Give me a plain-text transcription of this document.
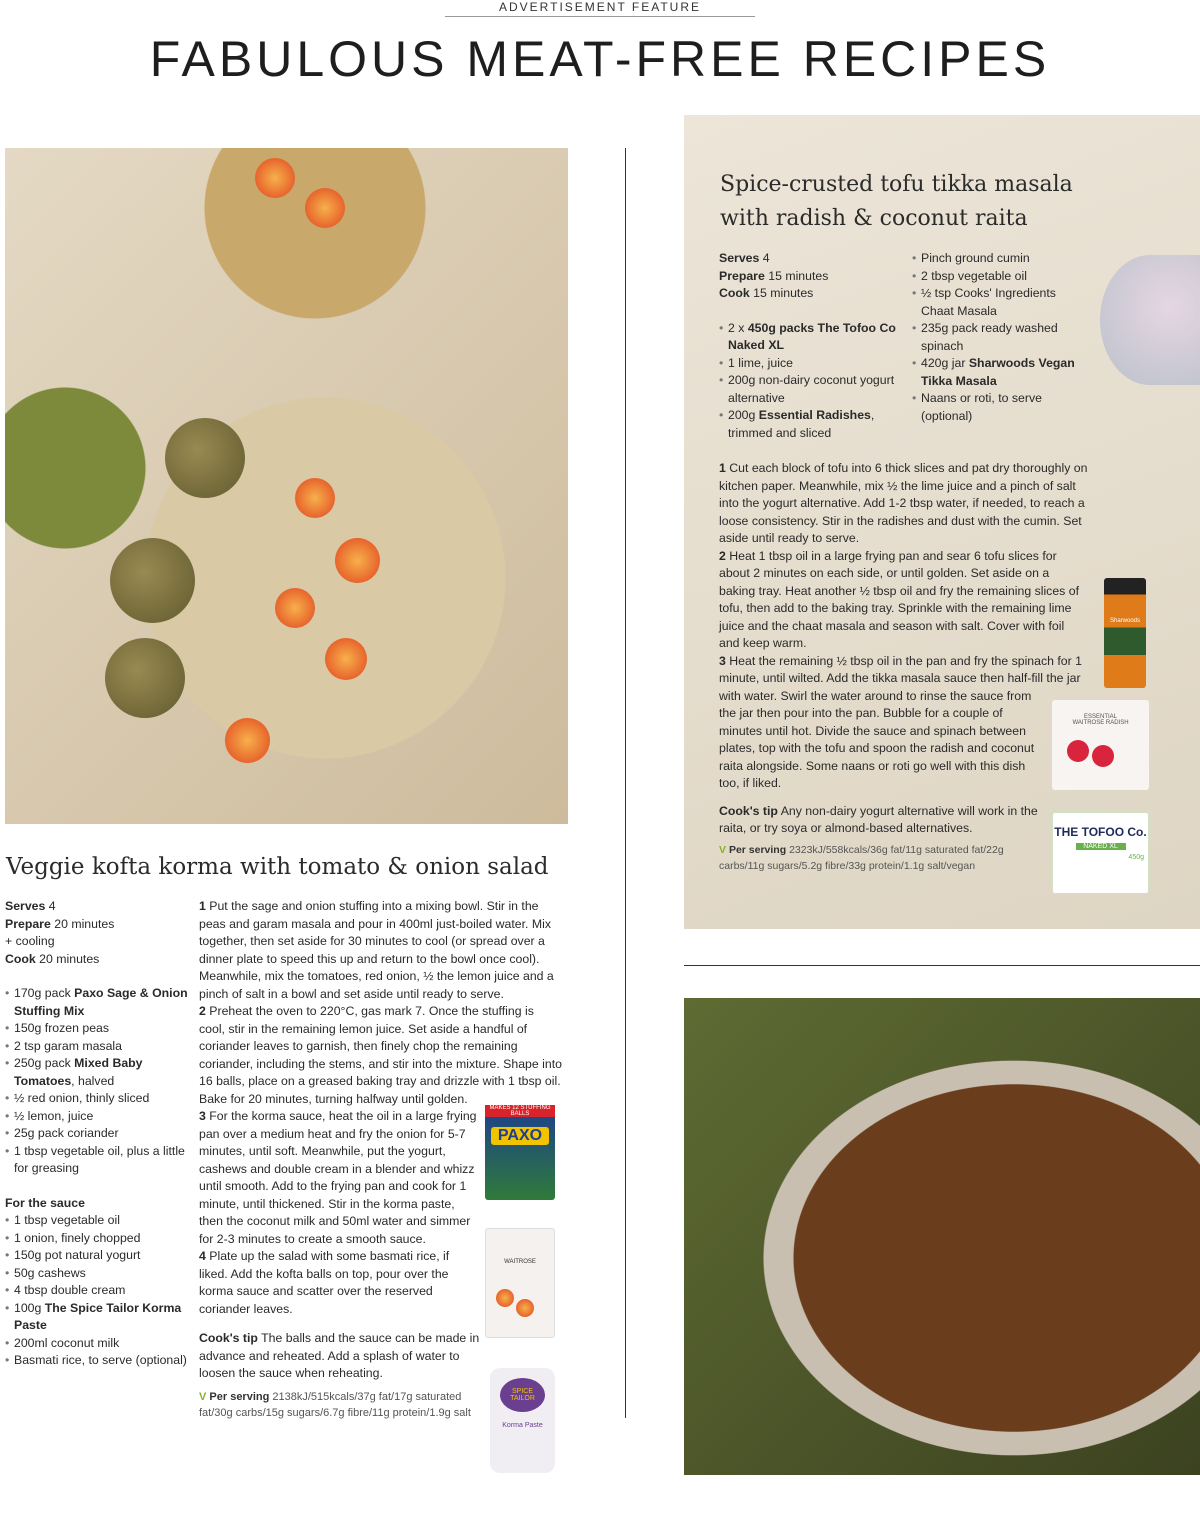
ADVERTISEMENT FEATURE
FABULOUS MEAT-FREE RECIPES
Veggie kofta korma with tomato & onion salad
Serves 4
Prepare 20 minutes
+ cooling
Cook 20 minutes
• 170g pack Paxo Sage & Onion Stuffing Mix
• 150g frozen peas
• 2 tsp garam masala
• 250g pack Mixed Baby Tomatoes, halved
• ½ red onion, thinly sliced
• ½ lemon, juice
• 25g pack coriander
• 1 tbsp vegetable oil, plus a little for greasing
For the sauce
• 1 tbsp vegetable oil
• 1 onion, finely chopped
• 150g pot natural yogurt
• 50g cashews
• 4 tbsp double cream
• 100g The Spice Tailor Korma Paste
• 200ml coconut milk
• Basmati rice, to serve (optional)
1 Put the sage and onion stuffing into a mixing bowl. Stir in the peas and garam masala and pour in 400ml just-boiled water. Mix together, then set aside for 30 minutes to cool (or spread over a dinner plate to speed this up and return to the bowl once cool). Meanwhile, mix the tomatoes, red onion, ½ the lemon juice and a pinch of salt in a bowl and set aside until ready to serve.
2 Preheat the oven to 220°C, gas mark 7. Once the stuffing is cool, stir in the remaining lemon juice. Set aside a handful of coriander leaves to garnish, then finely chop the remaining coriander, including the stems, and stir into the mixture. Shape into 16 balls, place on a greased baking tray and drizzle with 1 tbsp oil. Bake for 20 minutes, turning halfway until golden.
3 For the korma sauce, heat the oil in a large frying pan over a medium heat and fry the onion for 5-7 minutes, until soft. Meanwhile, put the yogurt, cashews and double cream in a blender and whizz until smooth. Add to the frying pan and cook for 1 minute, until thickened. Stir in the korma paste, then the coconut milk and 50ml water and simmer for 2-3 minutes to create a smooth sauce.
4 Plate up the salad with some basmati rice, if liked. Add the kofta balls on top, pour over the korma sauce and scatter over the reserved coriander leaves.
Cook's tip The balls and the sauce can be made in advance and reheated. Add a splash of water to loosen the sauce when reheating.
V Per serving 2138kJ/515kcals/37g fat/17g saturated fat/30g carbs/15g sugars/6.7g fibre/11g protein/1.9g salt
MAKES 12 STUFFING BALLS
PAXO
WAITROSE
SPICE TAILOR
Korma Paste
Spice-crusted tofu tikka masala
with radish & coconut raita
Serves 4
Prepare 15 minutes
Cook 15 minutes
• 2 x 450g packs The Tofoo Co Naked XL
• 1 lime, juice
• 200g non-dairy coconut yogurt alternative
• 200g Essential Radishes, trimmed and sliced
• Pinch ground cumin
• 2 tbsp vegetable oil
• ½ tsp Cooks' Ingredients Chaat Masala
• 235g pack ready washed spinach
• 420g jar Sharwoods Vegan Tikka Masala
• Naans or roti, to serve (optional)
1 Cut each block of tofu into 6 thick slices and pat dry thoroughly on kitchen paper. Meanwhile, mix ½ the lime juice and a pinch of salt into the yogurt alternative. Add 1-2 tbsp water, if needed, to reach a loose consistency. Stir in the radishes and dust with the cumin. Set aside until ready to serve.
2 Heat 1 tbsp oil in a large frying pan and sear 6 tofu slices for about 2 minutes on each side, or until golden. Set aside on a baking tray. Heat another ½ tbsp oil and fry the remaining slices of tofu, then add to the baking tray. Sprinkle with the remaining lime juice and the chaat masala and season with salt. Cover with foil and keep warm.
3 Heat the remaining ½ tbsp oil in the pan and fry the spinach for 1 minute, until wilted. Add the tikka masala sauce then half-fill the jar with water. Swirl the water around to rinse the sauce from the jar then pour into the pan. Bubble for a couple of minutes until hot. Divide the sauce and spinach between plates, top with the tofu and spoon the radish and coconut raita alongside. Some naans or roti go well with this dish too, if liked.
Cook's tip Any non-dairy yogurt alternative will work in the raita, or try soya or almond-based alternatives.
V Per serving 2323kJ/558kcals/36g fat/11g saturated fat/22g carbs/11g sugars/5.2g fibre/33g protein/1.1g salt/vegan
Sharwoods
ESSENTIAL WAITROSE RADISH
THE TOFOO Co.
NAKED XL
450g
